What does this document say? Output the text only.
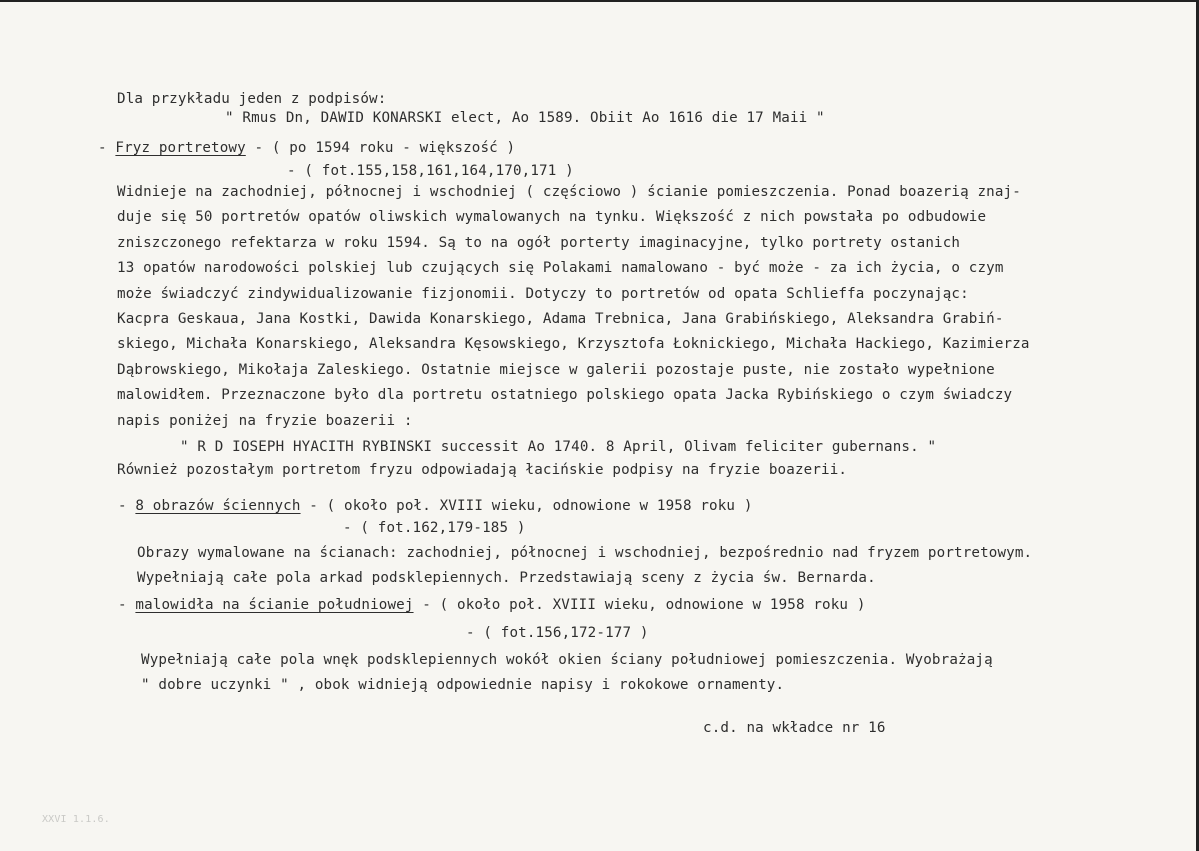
Dla przykładu jeden z podpisów:
" Rmus Dn, DAWID KONARSKI elect, Ao 1589. Obiit Ao 1616 die 17 Maii "
- Fryz portretowy - ( po 1594 roku - większość )
- ( fot.155,158,161,164,170,171 )
Widnieje na zachodniej, północnej i wschodniej ( częściowo ) ścianie pomieszczenia. Ponad boazerią znaj-
duje się 50 portretów opatów oliwskich wymalowanych na tynku. Większość z nich powstała po odbudowie
zniszczonego refektarza w roku 1594. Są to na ogół porterty imaginacyjne, tylko portrety ostanich
13 opatów narodowości polskiej lub czujących się Polakami namalowano - być może - za ich życia, o czym
może świadczyć zindywidualizowanie fizjonomii. Dotyczy to portretów od opata Schlieffa poczynając:
Kacpra Geskaua, Jana Kostki, Dawida Konarskiego, Adama Trebnica, Jana Grabińskiego, Aleksandra Grabiń-
skiego, Michała Konarskiego, Aleksandra Kęsowskiego, Krzysztofa Łoknickiego, Michała Hackiego, Kazimierza
Dąbrowskiego, Mikołaja Zaleskiego. Ostatnie miejsce w galerii pozostaje puste, nie zostało wypełnione
malowidłem. Przeznaczone było dla portretu ostatniego polskiego opata Jacka Rybińskiego o czym świadczy
napis poniżej na fryzie boazerii :
" R D IOSEPH HYACITH RYBINSKI successit Ao 1740. 8 April, Olivam feliciter gubernans. "
Również pozostałym portretom fryzu odpowiadają łacińskie podpisy na fryzie boazerii.
- 8 obrazów ściennych - ( około poł. XVIII wieku, odnowione w 1958 roku )
- ( fot.162,179-185 )
Obrazy wymalowane na ścianach: zachodniej, północnej i wschodniej, bezpośrednio nad fryzem portretowym.
Wypełniają całe pola arkad podsklepiennych. Przedstawiają sceny z życia św. Bernarda.
- malowidła na ścianie południowej - ( około poł. XVIII wieku, odnowione w 1958 roku )
- ( fot.156,172-177 )
Wypełniają całe pola wnęk podsklepiennych wokół okien ściany południowej pomieszczenia. Wyobrażają
" dobre uczynki " , obok widnieją odpowiednie napisy i rokokowe ornamenty.
c.d. na wkładce nr 16
XXVI 1.1.6.
